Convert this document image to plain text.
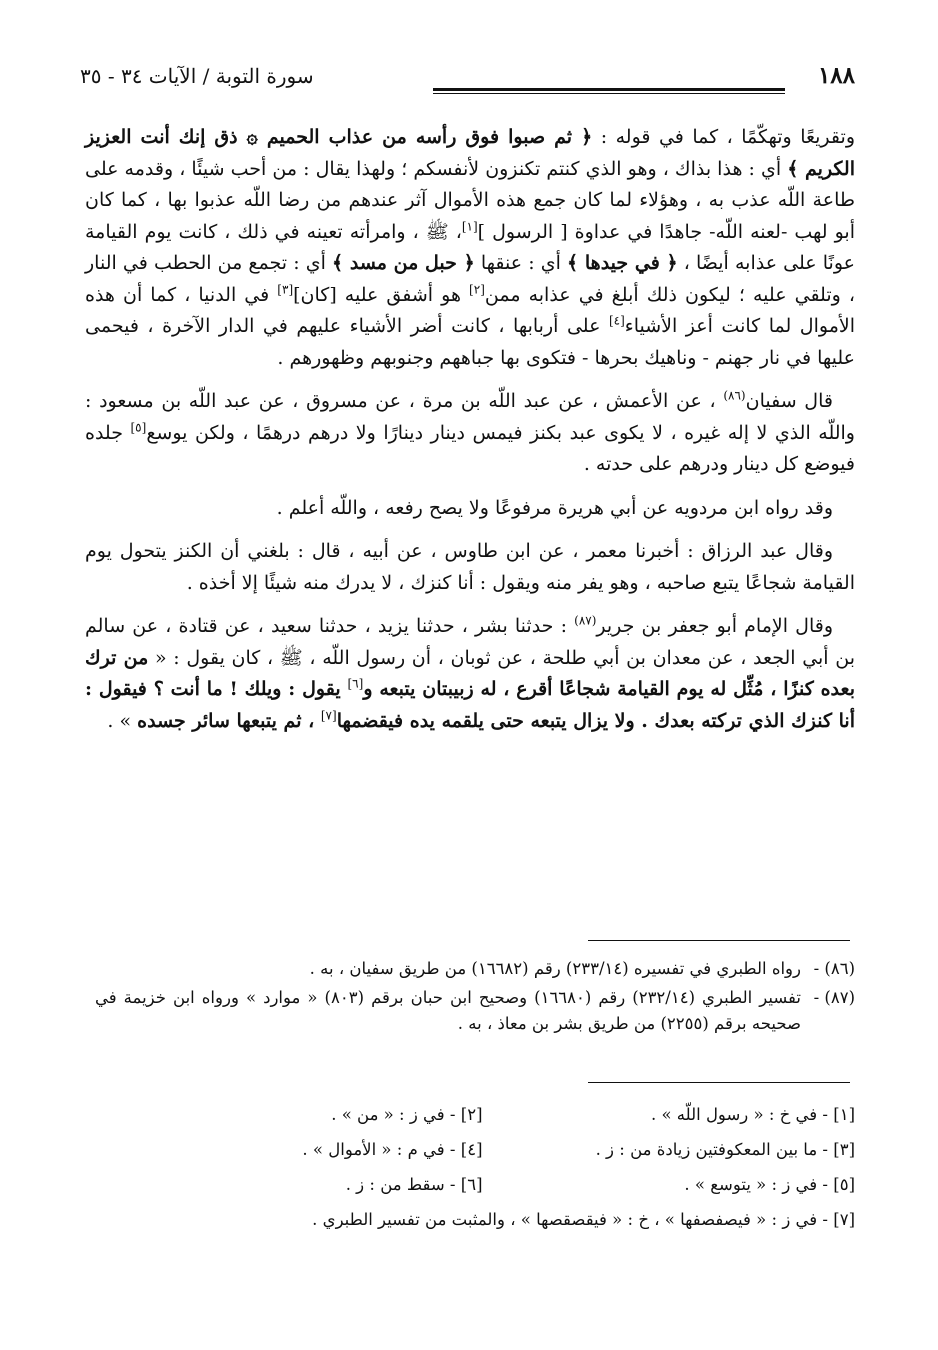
١٨٨
سورة التوبة / الآيات ٣٤ - ٣٥

وتقريعًا وتهكّمًا ، كما في قوله : ﴿ ثم صبوا فوق رأسه من عذاب الحميم ۞ ذق إنك أنت العزيز الكريم ﴾ أي : هذا بذاك ، وهو الذي كنتم تكنزون لأنفسكم ؛ ولهذا يقال : من أحب شيئًا ، وقدمه على طاعة اللّه عذب به ، وهؤلاء لما كان جمع هذه الأموال آثر عندهم من رضا اللّه عذبوا بها ، كما كان أبو لهب -لعنه اللّه- جاهدًا في عداوة [ الرسول ][١]، ﷺ ، وامرأته تعينه في ذلك ، كانت يوم القيامة عونًا على عذابه أيضًا ، ﴿ في جيدها ﴾ أي : عنقها ﴿ حبل من مسد ﴾ أي : تجمع من الحطب في النار ، وتلقي عليه ؛ ليكون ذلك أبلغ في عذابه ممن[٢] هو أشفق عليه [كان][٣] في الدنيا ، كما أن هذه الأموال لما كانت أعز الأشياء[٤] على أربابها ، كانت أضر الأشياء عليهم في الدار الآخرة ، فيحمى عليها في نار جهنم - وناهيك بحرها - فتكوى بها جباههم وجنوبهم وظهورهم .

قال سفيان$^{(٨٦)}$ ، عن الأعمش ، عن عبد اللّه بن مرة ، عن مسروق ، عن عبد اللّه بن مسعود : واللّه الذي لا إله غيره ، لا يكوى عبد بكنز فيمس دينار دينارًا ولا درهم درهمًا ، ولكن يوسع[٥] جلده فيوضع كل دينار ودرهم على حدته .

وقد رواه ابن مردويه عن أبي هريرة مرفوعًا ولا يصح رفعه ، واللّه أعلم .

وقال عبد الرزاق : أخبرنا معمر ، عن ابن طاوس ، عن أبيه ، قال : بلغني أن الكنز يتحول يوم القيامة شجاعًا يتبع صاحبه ، وهو يفر منه ويقول : أنا كنزك ، لا يدرك منه شيئًا إلا أخذه .

وقال الإمام أبو جعفر بن جرير$^{(٨٧)}$ : حدثنا بشر ، حدثنا يزيد ، حدثنا سعيد ، عن قتادة ، عن سالم بن أبي الجعد ، عن معدان بن أبي طلحة ، عن ثوبان ، أن رسول اللّه ، ﷺ ، كان يقول : « من ترك بعده كنزًا ، مُثِّل له يوم القيامة شجاعًا أقرع ، له زبيبتان يتبعه و[٦] يقول : ويلك ! ما أنت ؟ فيقول : أنا كنزك الذي تركته بعدك . ولا يزال يتبعه حتى يلقمه يده فيقضمها[٧] ، ثم يتبعها سائر جسده » .

(٨٦) -رواه الطبري في تفسيره (٢٣٣/١٤) رقم (١٦٦٨٢) من طريق سفيان ، به .
(٨٧) -تفسير الطبري (٢٣٢/١٤) رقم (١٦٦٨٠) وصحيح ابن حبان برقم (٨٠٣) « موارد » ورواه ابن خزيمة في صحيحه برقم (٢٢٥٥) من طريق بشر بن معاذ ، به .
[١] - في خ : « رسول اللّه » .
[٢] - في ز : « من » .
[٣] - ما بين المعكوفتين زيادة من : ز .
[٤] - في م : « الأموال » .
[٥] - في ز : « يتوسع » .
[٦] - سقط من : ز .
[٧] - في ز : « فيصفصفها » ، خ : « فيقصقصها » ، والمثبت من تفسير الطبري .
